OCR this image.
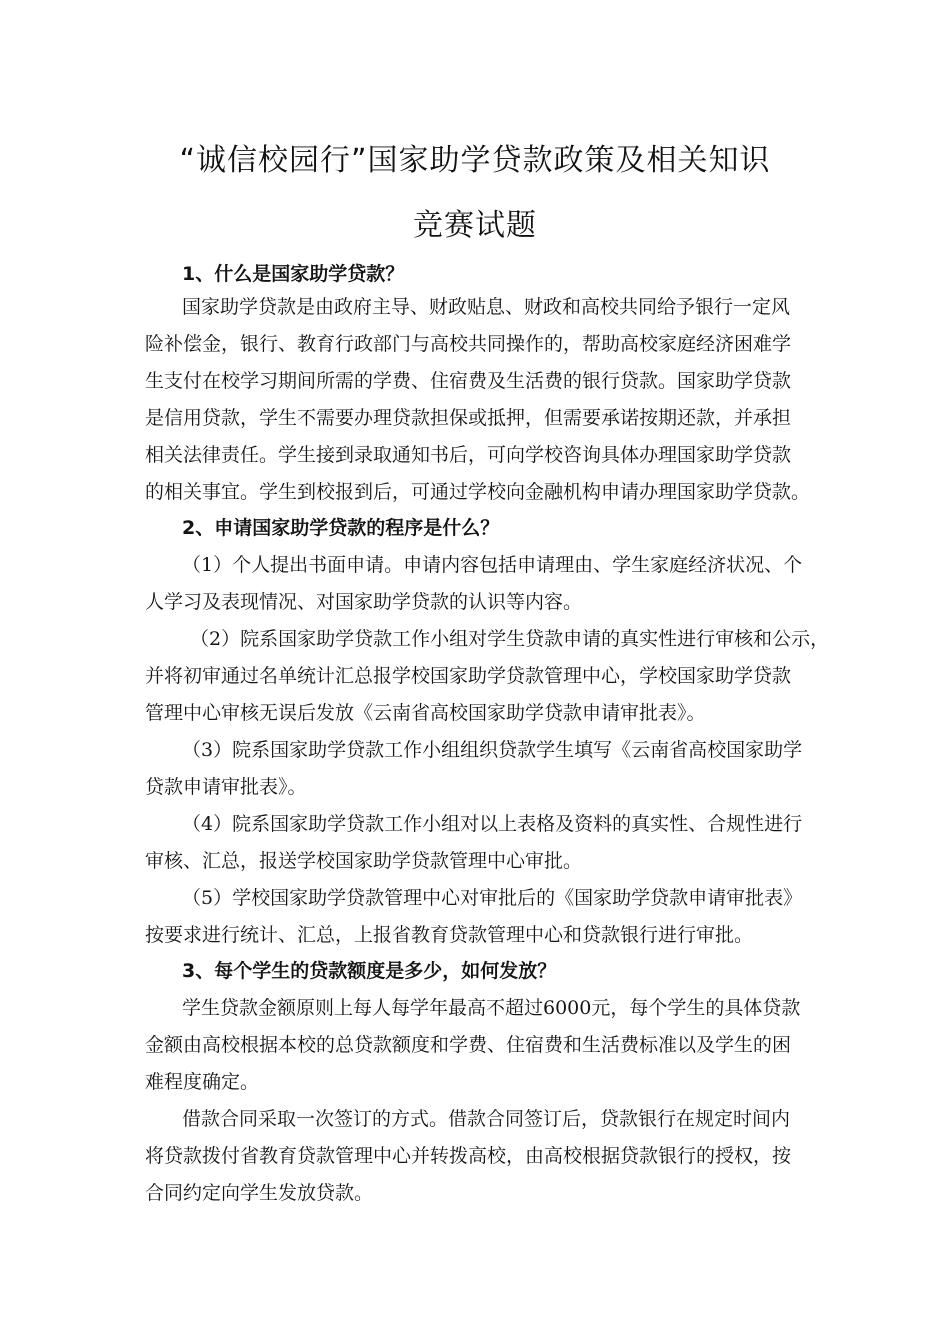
“诚信校园行”国家助学贷款政策及相关知识
竞赛试题
1、什么是国家助学贷款？
国家助学贷款是由政府主导、财政贴息、财政和高校共同给予银行一定风
险补偿金，银行、教育行政部门与高校共同操作的，帮助高校家庭经济困难学
生支付在校学习期间所需的学费、住宿费及生活费的银行贷款。国家助学贷款
是信用贷款，学生不需要办理贷款担保或抵押，但需要承诺按期还款，并承担
相关法律责任。学生接到录取通知书后，可向学校咨询具体办理国家助学贷款
的相关事宜。学生到校报到后，可通过学校向金融机构申请办理国家助学贷款。
2、申请国家助学贷款的程序是什么？
（1）个人提出书面申请。申请内容包括申请理由、学生家庭经济状况、个
人学习及表现情况、对国家助学贷款的认识等内容。
（2）院系国家助学贷款工作小组对学生贷款申请的真实性进行审核和公示，
并将初审通过名单统计汇总报学校国家助学贷款管理中心，学校国家助学贷款
管理中心审核无误后发放《云南省高校国家助学贷款申请审批表》。
（3）院系国家助学贷款工作小组组织贷款学生填写《云南省高校国家助学
贷款申请审批表》。
（4）院系国家助学贷款工作小组对以上表格及资料的真实性、合规性进行
审核、汇总，报送学校国家助学贷款管理中心审批。
（5）学校国家助学贷款管理中心对审批后的《国家助学贷款申请审批表》
按要求进行统计、汇总，上报省教育贷款管理中心和贷款银行进行审批。
3、每个学生的贷款额度是多少，如何发放？
学生贷款金额原则上每人每学年最高不超过6000元，每个学生的具体贷款
金额由高校根据本校的总贷款额度和学费、住宿费和生活费标准以及学生的困
难程度确定。
借款合同采取一次签订的方式。借款合同签订后，贷款银行在规定时间内
将贷款拨付省教育贷款管理中心并转拨高校，由高校根据贷款银行的授权，按
合同约定向学生发放贷款。
